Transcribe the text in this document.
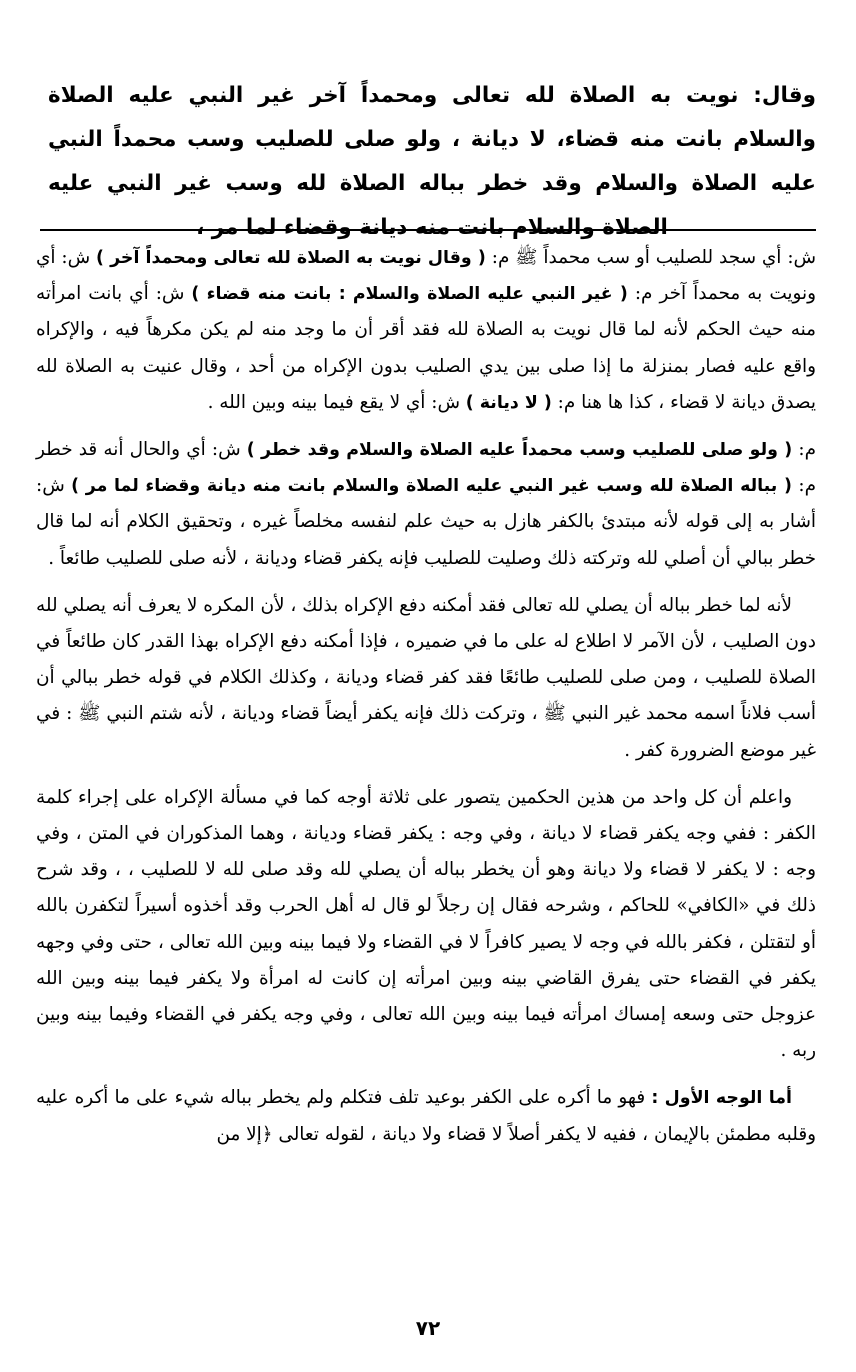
وقال: نويت به الصلاة لله تعالى ومحمداً آخر غير النبي عليه الصلاة والسلام بانت منه قضاء، لا ديانة ، ولو صلى للصليب وسب محمداً النبي عليه الصلاة والسلام وقد خطر بباله الصلاة لله وسب غير النبي عليه الصلاة والسلام بانت منه ديانة وقضاء لما مر ،

ش: أي سجد للصليب أو سب محمداً ﷺ م: ( وقال نويت به الصلاة لله تعالى ومحمداً آخر ) ش: أي ونويت به محمداً آخر م: ( غير النبي عليه الصلاة والسلام : بانت منه قضاء ) ش: أي بانت امرأته منه حيث الحكم لأنه لما قال نويت به الصلاة لله فقد أقر أن ما وجد منه لم يكن مكرهاً فيه ، والإكراه واقع عليه فصار بمنزلة ما إذا صلى بين يدي الصليب بدون الإكراه من أحد ، وقال عنيت به الصلاة لله يصدق ديانة لا قضاء ، كذا ها هنا م: ( لا ديانة ) ش: أي لا يقع فيما بينه وبين الله .

م: ( ولو صلى للصليب وسب محمداً عليه الصلاة والسلام وقد خطر ) ش: أي والحال أنه قد خطر م: ( بباله الصلاة لله وسب غير النبي عليه الصلاة والسلام بانت منه ديانة وقضاء لما مر ) ش: أشار به إلى قوله لأنه مبتدئ بالكفر هازل به حيث علم لنفسه مخلصاً غيره ، وتحقيق الكلام أنه لما قال خطر ببالي أن أصلي لله وتركته ذلك وصليت للصليب فإنه يكفر قضاء وديانة ، لأنه صلى للصليب طائعاً .

لأنه لما خطر بباله أن يصلي لله تعالى فقد أمكنه دفع الإكراه بذلك ، لأن المكره لا يعرف أنه يصلي لله دون الصليب ، لأن الآمر لا اطلاع له على ما في ضميره ، فإذا أمكنه دفع الإكراه بهذا القدر كان طائعاً في الصلاة للصليب ، ومن صلى للصليب طائعًا فقد كفر قضاء وديانة ، وكذلك الكلام في قوله خطر ببالي أن أسب فلاناً اسمه محمد غير النبي ﷺ ، وتركت ذلك فإنه يكفر أيضاً قضاء وديانة ، لأنه شتم النبي ﷺ : في غير موضع الضرورة كفر .

واعلم أن كل واحد من هذين الحكمين يتصور على ثلاثة أوجه كما في مسألة الإكراه على إجراء كلمة الكفر : ففي وجه يكفر قضاء لا ديانة ، وفي وجه : يكفر قضاء وديانة ، وهما المذكوران في المتن ، وفي وجه : لا يكفر لا قضاء ولا ديانة وهو أن يخطر بباله أن يصلي لله وقد صلى لله لا للصليب ، ، وقد شرح ذلك في «الكافي» للحاكم ، وشرحه فقال إن رجلاً لو قال له أهل الحرب وقد أخذوه أسيراً لتكفرن بالله أو لتقتلن ، فكفر بالله في وجه لا يصير كافراً لا في القضاء ولا فيما بينه وبين الله تعالى ، حتى وفي وجهه يكفر في القضاء حتى يفرق القاضي بينه وبين امرأته إن كانت له امرأة ولا يكفر فيما بينه وبين الله عزوجل حتى وسعه إمساك امرأته فيما بينه وبين الله تعالى ، وفي وجه يكفر في القضاء وفيما بينه وبين ربه .

أما الوجه الأول : فهو ما أكره على الكفر بوعيد تلف فتكلم ولم يخطر بباله شيء على ما أكره عليه وقلبه مطمئن بالإيمان ، ففيه لا يكفر أصلاً لا قضاء ولا ديانة ، لقوله تعالى ﴿إلا من

٧٢
